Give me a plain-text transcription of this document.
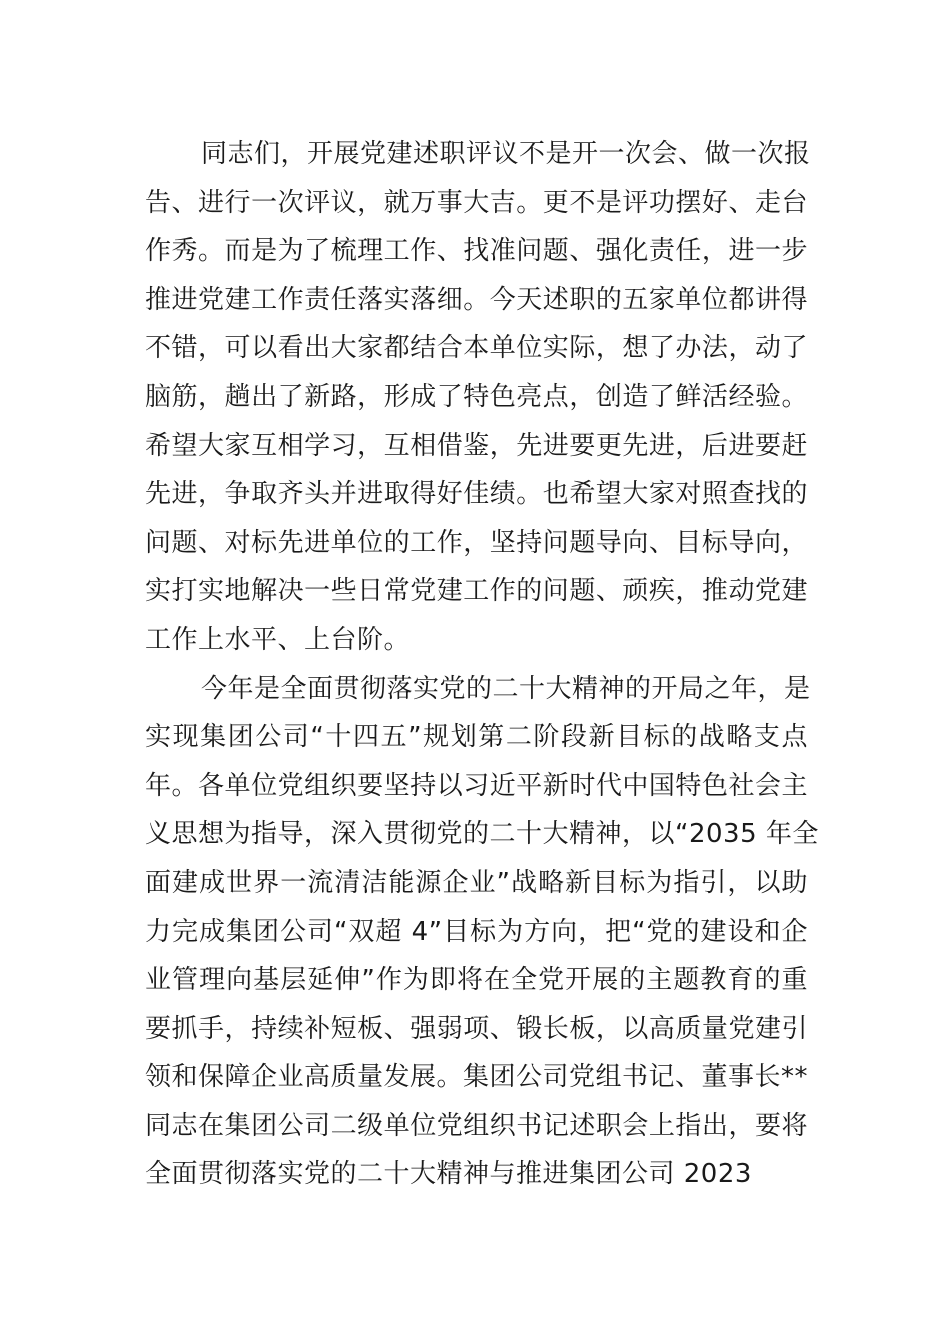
同志们，开展党建述职评议不是开一次会、做一次报
告、进行一次评议，就万事大吉。更不是评功摆好、走台
作秀。而是为了梳理工作、找准问题、强化责任，进一步
推进党建工作责任落实落细。今天述职的五家单位都讲得
不错，可以看出大家都结合本单位实际，想了办法，动了
脑筋，趟出了新路，形成了特色亮点，创造了鲜活经验。
希望大家互相学习，互相借鉴，先进要更先进，后进要赶
先进，争取齐头并进取得好佳绩。也希望大家对照查找的
问题、对标先进单位的工作，坚持问题导向、目标导向，
实打实地解决一些日常党建工作的问题、顽疾，推动党建
工作上水平、上台阶。
今年是全面贯彻落实党的二十大精神的开局之年，是
实现集团公司“十四五”规划第二阶段新目标的战略支点
年。各单位党组织要坚持以习近平新时代中国特色社会主
义思想为指导，深入贯彻党的二十大精神，以“2035 年全
面建成世界一流清洁能源企业”战略新目标为指引，以助
力完成集团公司“双超 4”目标为方向，把“党的建设和企
业管理向基层延伸”作为即将在全党开展的主题教育的重
要抓手，持续补短板、强弱项、锻长板，以高质量党建引
领和保障企业高质量发展。集团公司党组书记、董事长**
同志在集团公司二级单位党组织书记述职会上指出，要将
全面贯彻落实党的二十大精神与推进集团公司 2023
